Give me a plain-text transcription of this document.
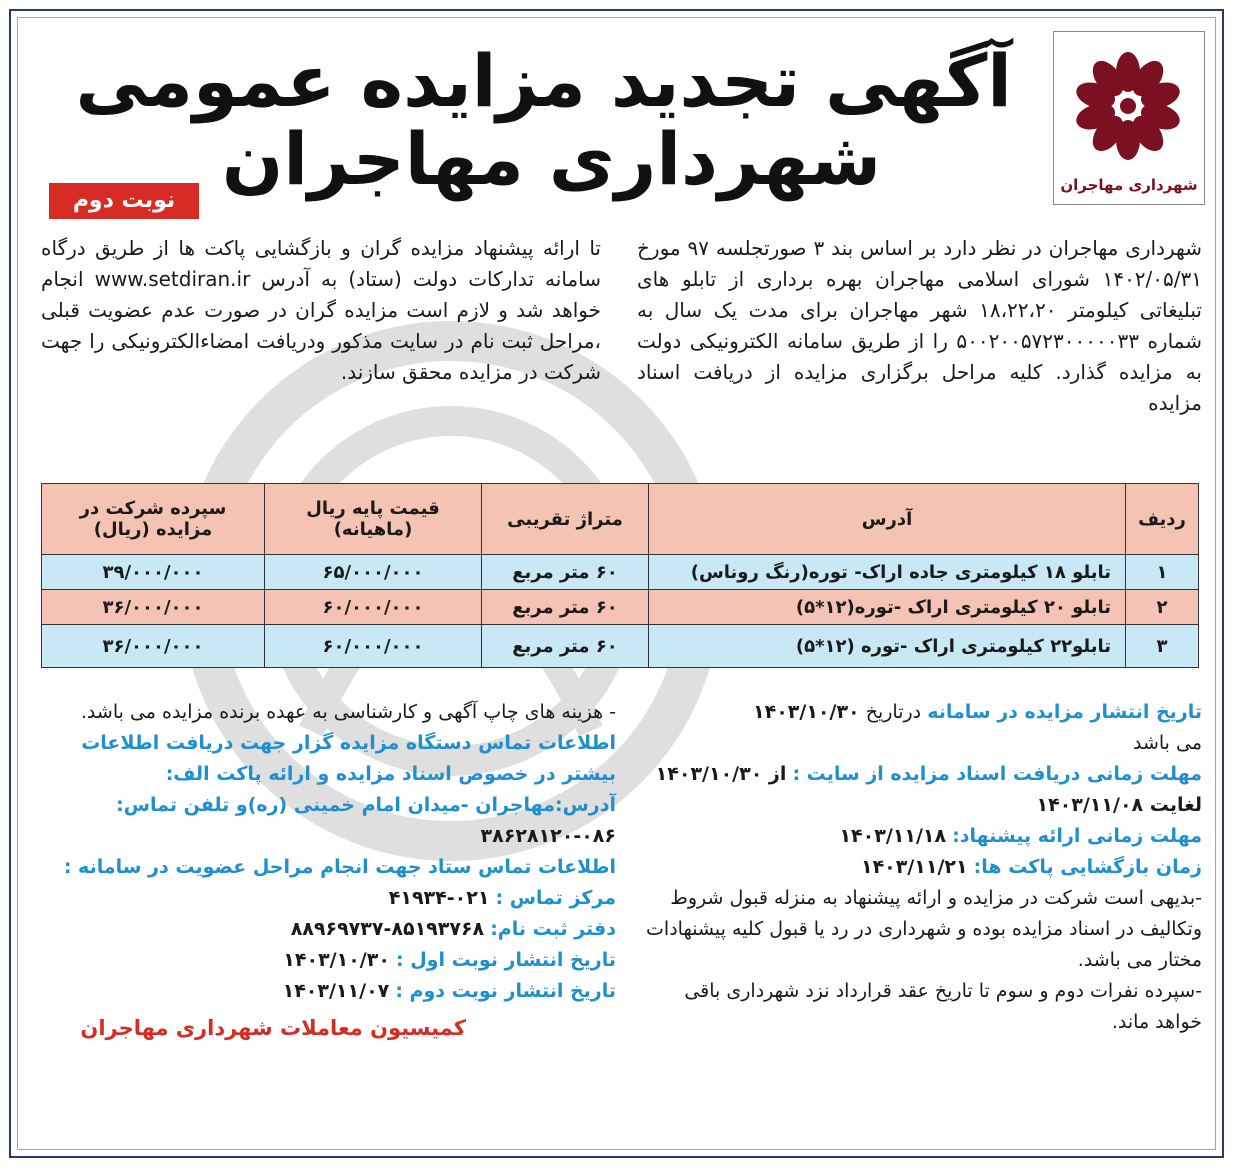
شهرداری مهاجران
آگهی تجدید مزایده عمومی
شهرداری مهاجران
نوبت دوم
شهرداری مهاجران در نظر دارد بر اساس بند ۳ صورتجلسه ۹۷ مورخ ۱۴۰۲/۰۵/۳۱ شورای اسلامی مهاجران بهره برداری از تابلو های تبلیغاتی کیلومتر ۱۸،۲۲،۲۰ شهر مهاجران برای مدت یک سال به شماره ۵۰۰۲۰۰۵۷۲۳۰۰۰۰۰۳۳ را از طریق سامانه الکترونیکی دولت به مزایده گذارد. کلیه مراحل برگزاری مزایده از دریافت اسناد مزایده
تا ارائه پیشنهاد مزایده گران و بازگشایی پاکت ها از طریق درگاه سامانه تدارکات دولت (ستاد) به آدرس www.setdiran.ir انجام خواهد شد و لازم است مزایده گران در صورت عدم عضویت قبلی ،مراحل ثبت نام در سایت مذکور ودریافت امضاءالکترونیکی را جهت شرکت در مزایده محقق سازند.
ردیف	آدرس	متراژ تقریبی	قیمت پایه ریال (ماهیانه)	سپرده شرکت در مزایده (ریال)
۱	تابلو ۱۸ کیلومتری جاده اراک- توره(رنگ روناس)	۶۰ متر مربع	۶۵/۰۰۰/۰۰۰	۳۹/۰۰۰/۰۰۰
۲	تابلو ۲۰ کیلومتری اراک -توره(۱۲*۵)	۶۰ متر مربع	۶۰/۰۰۰/۰۰۰	۳۶/۰۰۰/۰۰۰
۳	تابلو۲۲ کیلومتری اراک -توره (۱۲*۵)	۶۰ متر مربع	۶۰/۰۰۰/۰۰۰	۳۶/۰۰۰/۰۰۰
تاریخ انتشار مزایده در سامانه درتاریخ ۱۴۰۳/۱۰/۳۰
می باشد
مهلت زمانی دریافت اسناد مزایده از سایت : از ۱۴۰۳/۱۰/۳۰
لغایت ۱۴۰۳/۱۱/۰۸
مهلت زمانی ارائه پیشنهاد: ۱۴۰۳/۱۱/۱۸
زمان بازگشایی پاکت ها: ۱۴۰۳/۱۱/۲۱
-بدیهی است شرکت در مزایده و ارائه پیشنهاد به منزله قبول شروط وتکالیف در اسناد مزایده بوده و شهرداری در رد یا قبول کلیه پیشنهادات مختار می باشد.
-سپرده نفرات دوم و سوم تا تاریخ عقد قرارداد نزد شهرداری باقی خواهد ماند.
- هزینه های چاپ آگهی و کارشناسی به عهده برنده مزایده می باشد.
اطلاعات تماس دستگاه مزایده گزار جهت دریافت اطلاعات بیشتر در خصوص اسناد مزایده و ارائه پاکت الف:
آدرس:مهاجران -میدان امام خمینی (ره)و تلفن تماس: ۰۸۶-۳۸۶۲۸۱۲۰
اطلاعات تماس ستاد جهت انجام مراحل عضویت در سامانه :
مرکز تماس : ۰۲۱-۴۱۹۳۴
دفتر ثبت نام: ۸۵۱۹۳۷۶۸-۸۸۹۶۹۷۳۷
تاریخ انتشار نوبت اول : ۱۴۰۳/۱۰/۳۰
تاریخ انتشار نوبت دوم : ۱۴۰۳/۱۱/۰۷
کمیسیون معاملات شهرداری مهاجران
